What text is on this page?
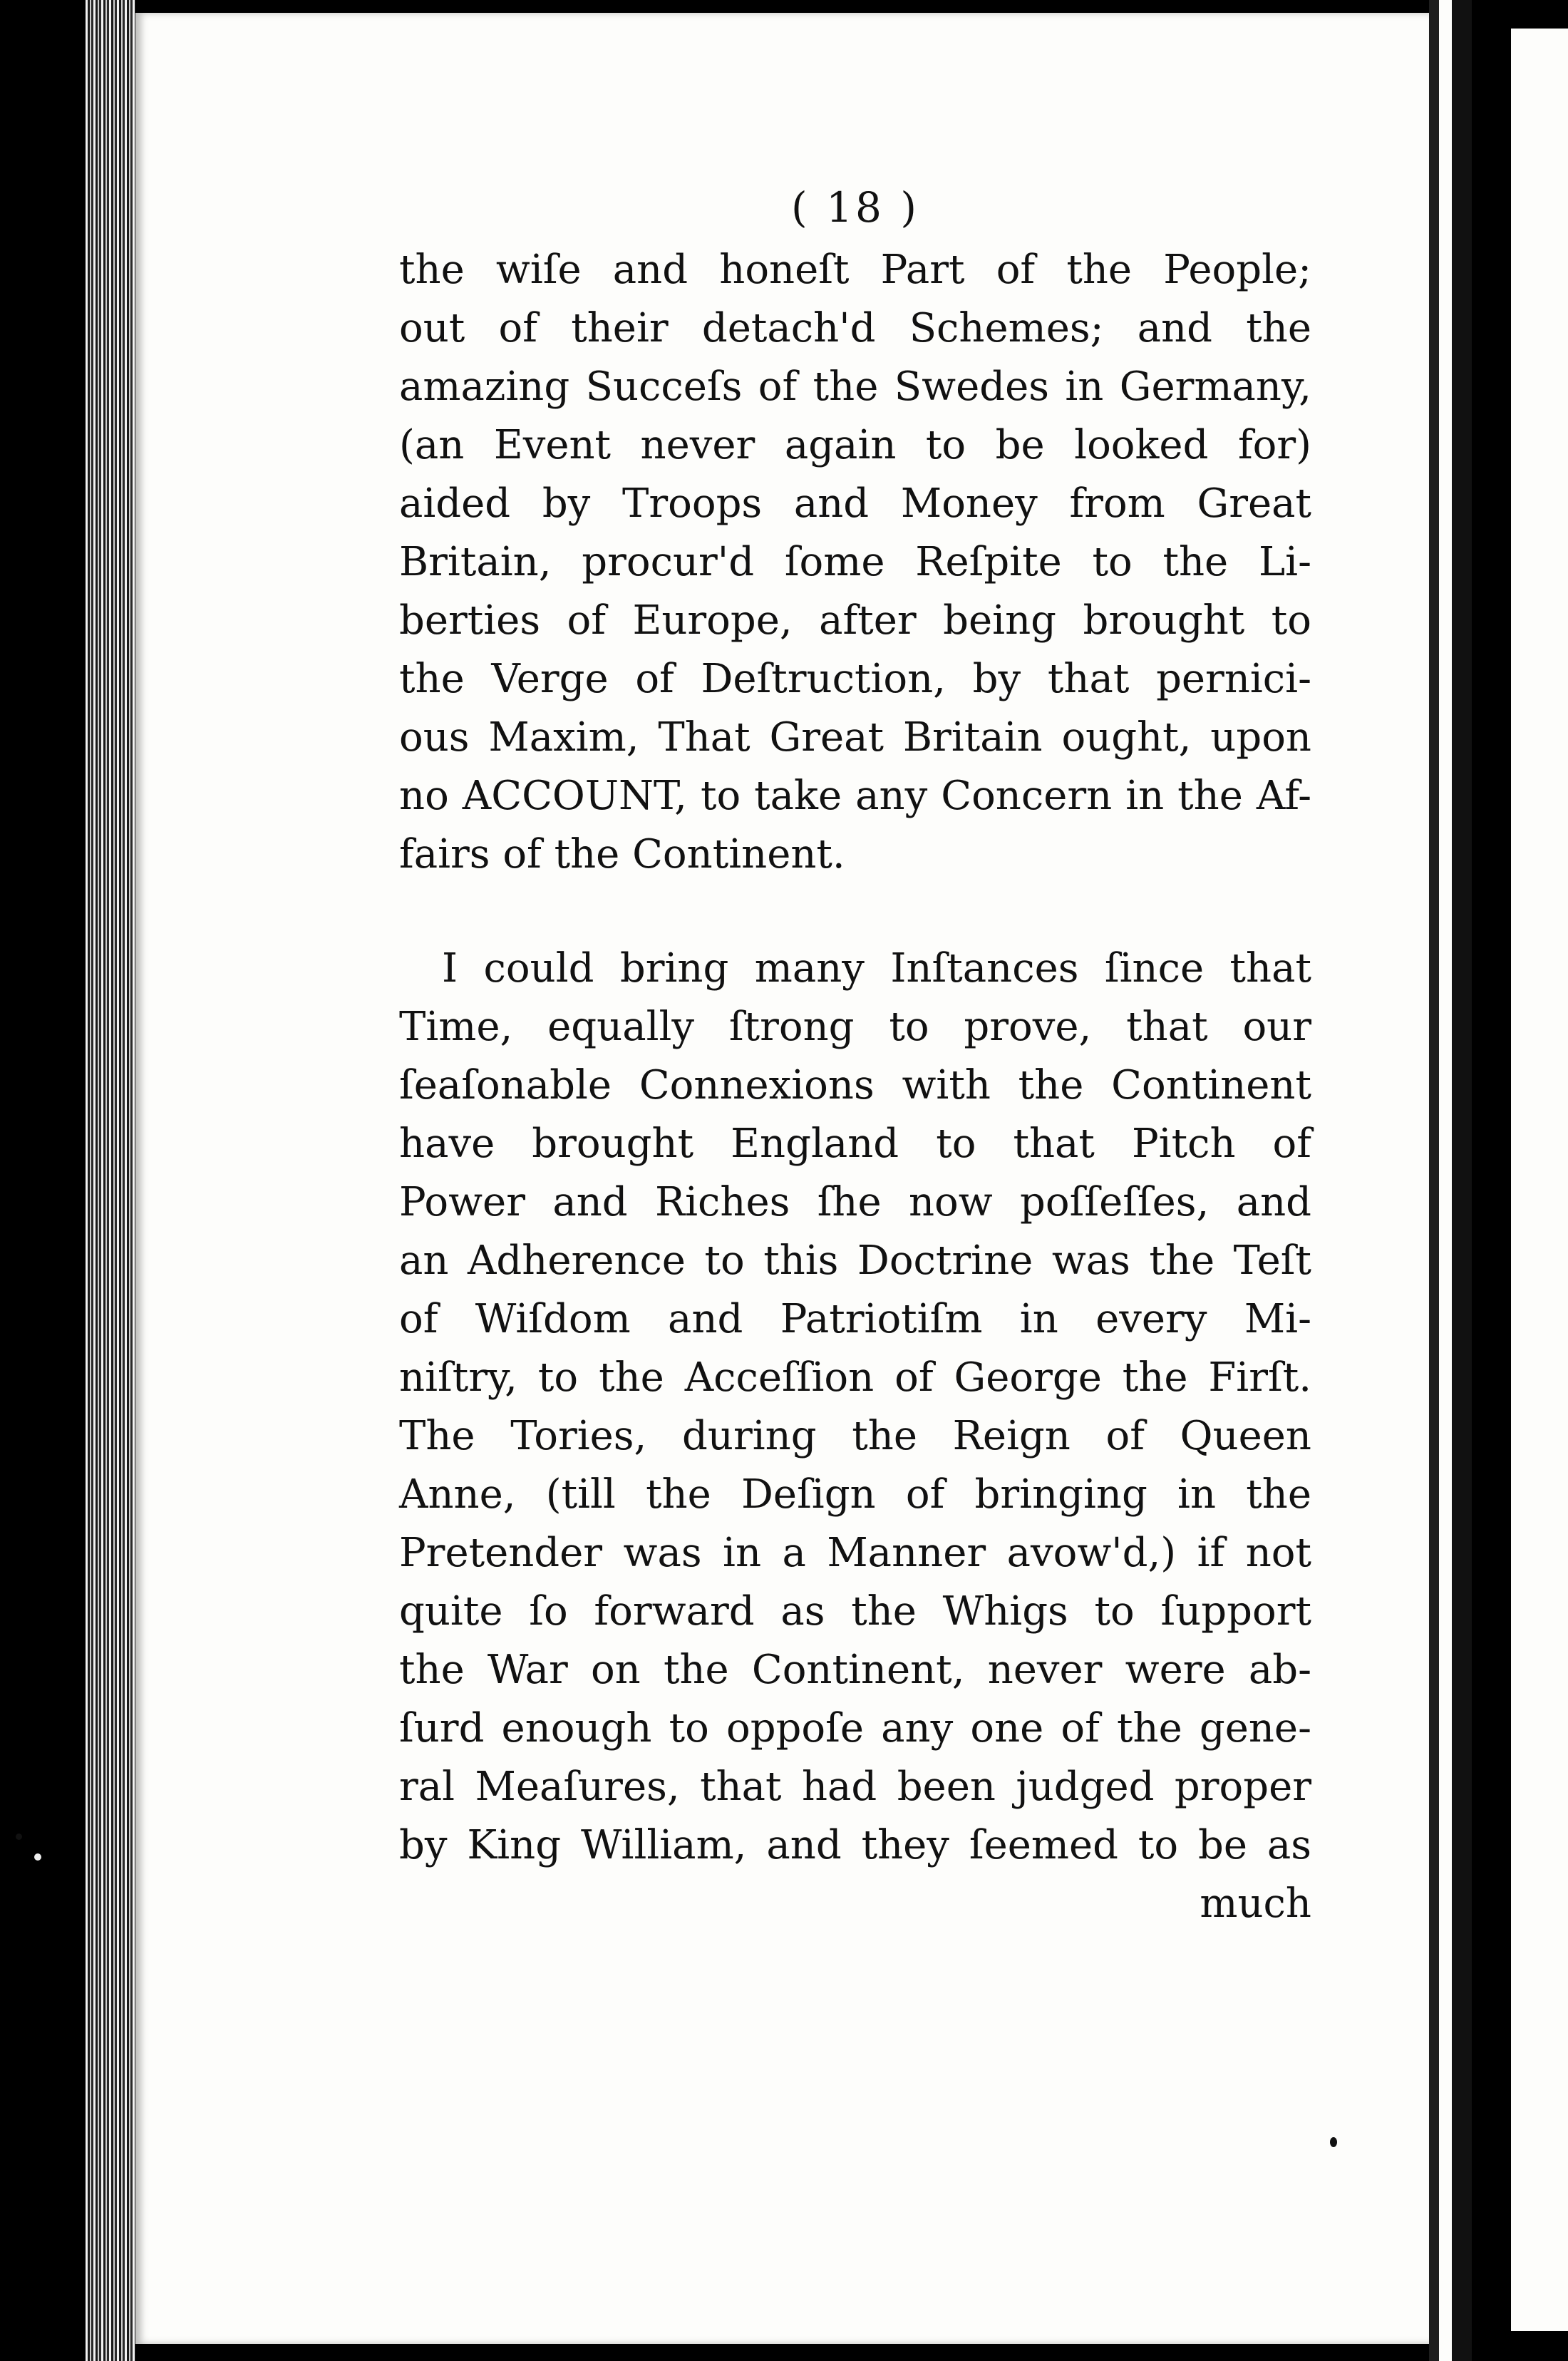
( 18 )
the wiſe and honeſt Part of the People;
out of their detach'd Schemes; and the
amazing Succeſs of the Swedes in Germany,
(an Event never again to be looked for)
aided by Troops and Money from Great
Britain, procur'd ſome Reſpite to the Li-
berties of Europe, after being brought to
the Verge of Deſtruction, by that pernici-
ous Maxim, That Great Britain ought, upon
no ACCOUNT, to take any Concern in the Af-
fairs of the Continent.
I could bring many Inſtances ſince that
Time, equally ſtrong to prove, that our
ſeaſonable Connexions with the Continent
have brought England to that Pitch of
Power and Riches ſhe now poſſeſſes, and
an Adherence to this Doctrine was the Teſt
of Wiſdom and Patriotiſm in every Mi-
niſtry, to the Acceſſion of George the Firſt.
The Tories, during the Reign of Queen
Anne, (till the Deſign of bringing in the
Pretender was in a Manner avow'd,) if not
quite ſo forward as the Whigs to ſupport
the War on the Continent, never were ab-
ſurd enough to oppoſe any one of the gene-
ral Meaſures, that had been judged proper
by King William, and they ſeemed to be as
much
